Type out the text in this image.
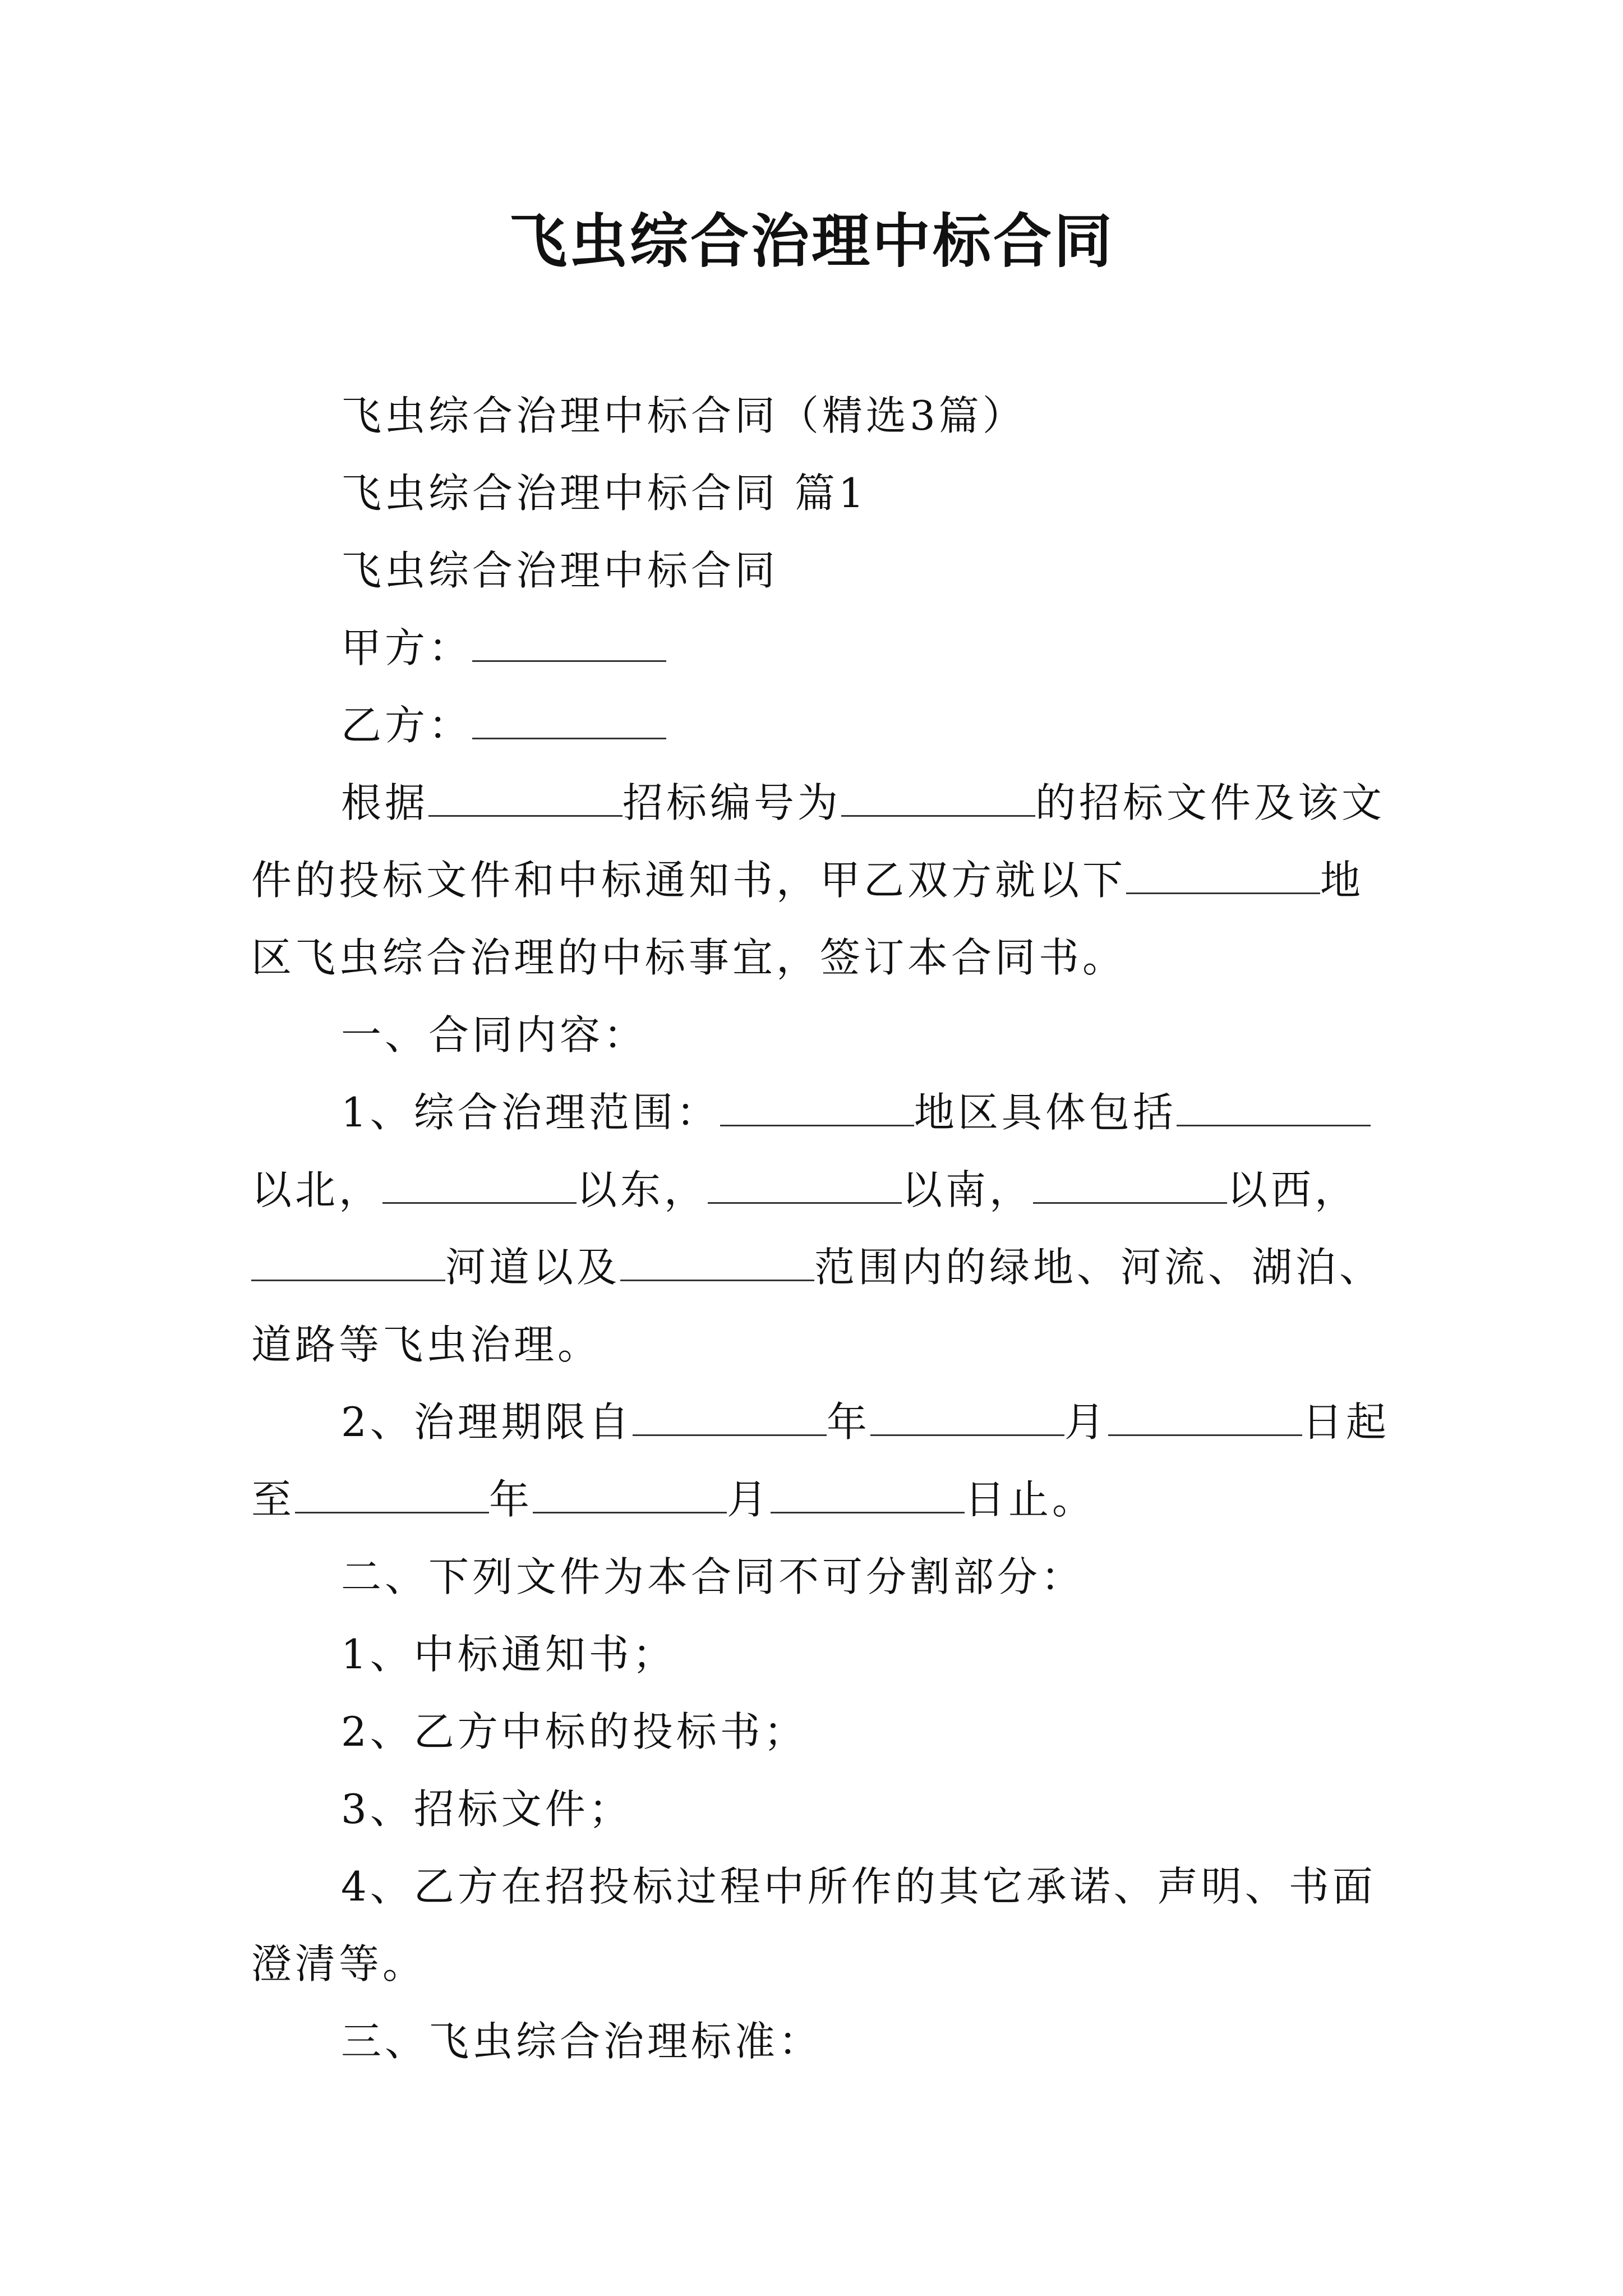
飞虫综合治理中标合同

飞虫综合治理中标合同（精选3篇）

飞虫综合治理中标合同 篇1

飞虫综合治理中标合同

甲方：

乙方：

根据	招标编号为	的招标文件及该文

件的投标文件和中标通知书，甲乙双方就以下	地

区飞虫综合治理的中标事宜，签订本合同书。

一、合同内容：

1、综合治理范围：	地区具体包括

以北，	以东，	以南，	以西，

河道以及	范围内的绿地、河流、湖泊、

道路等飞虫治理。

2、治理期限自	年	月	日起

至	年	月	日止。

二、下列文件为本合同不可分割部分：

1、中标通知书；

2、乙方中标的投标书；

3、招标文件；

4、乙方在招投标过程中所作的其它承诺、声明、书面

澄清等。

三、飞虫综合治理标准：
